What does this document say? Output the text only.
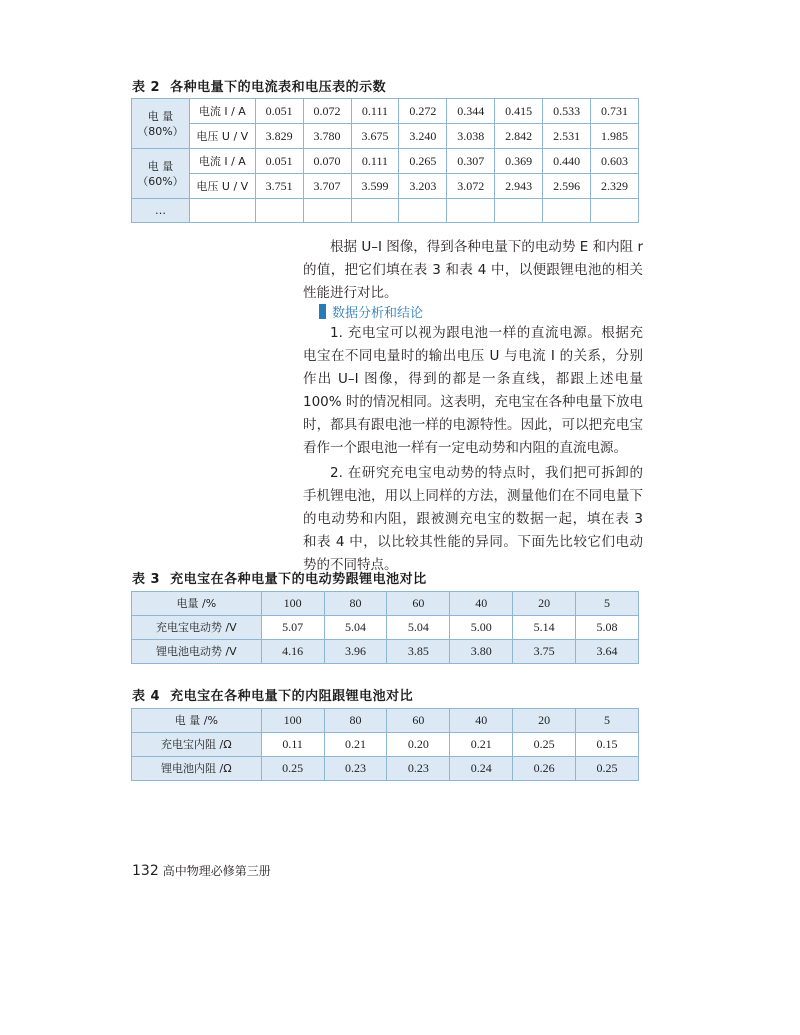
表 2 各种电量下的电流表和电压表的示数
电 量
（80%）	电流 I / A	0.051	0.072	0.111	0.272	0.344	0.415	0.533	0.731
	电压 U / V	3.829	3.780	3.675	3.240	3.038	2.842	2.531	1.985

电 量
（60%）	电流 I / A	0.051	0.070	0.111	0.265	0.307	0.369	0.440	0.603
	电压 U / V	3.751	3.707	3.599	3.203	3.072	2.943	2.596	2.329
…									

根据 U–I 图像，得到各种电量下的电动势 E 和内阻 r 的值，把它们填在表 3 和表 4 中，以便跟锂电池的相关性能进行对比。

数据分析和结论

1. 充电宝可以视为跟电池一样的直流电源。根据充电宝在不同电量时的输出电压 U 与电流 I 的关系，分别作出 U–I 图像，得到的都是一条直线，都跟上述电量 100% 时的情况相同。这表明，充电宝在各种电量下放电时，都具有跟电池一样的电源特性。因此，可以把充电宝看作一个跟电池一样有一定电动势和内阻的直流电源。

2. 在研究充电宝电动势的特点时，我们把可拆卸的手机锂电池，用以上同样的方法，测量他们在不同电量下的电动势和内阻，跟被测充电宝的数据一起，填在表 3 和表 4 中，以比较其性能的异同。下面先比较它们电动势的不同特点。

表 3 充电宝在各种电量下的电动势跟锂电池对比
电量 /%	100	80	60	40	20	5
充电宝电动势 /V	5.07	5.04	5.04	5.00	5.14	5.08
锂电池电动势 /V	4.16	3.96	3.85	3.80	3.75	3.64
表 4 充电宝在各种电量下的内阻跟锂电池对比
电 量 /%	100	80	60	40	20	5
充电宝内阻 /Ω	0.11	0.21	0.20	0.21	0.25	0.15
锂电池内阻 /Ω	0.25	0.23	0.23	0.24	0.26	0.25
132 高中物理必修第三册
